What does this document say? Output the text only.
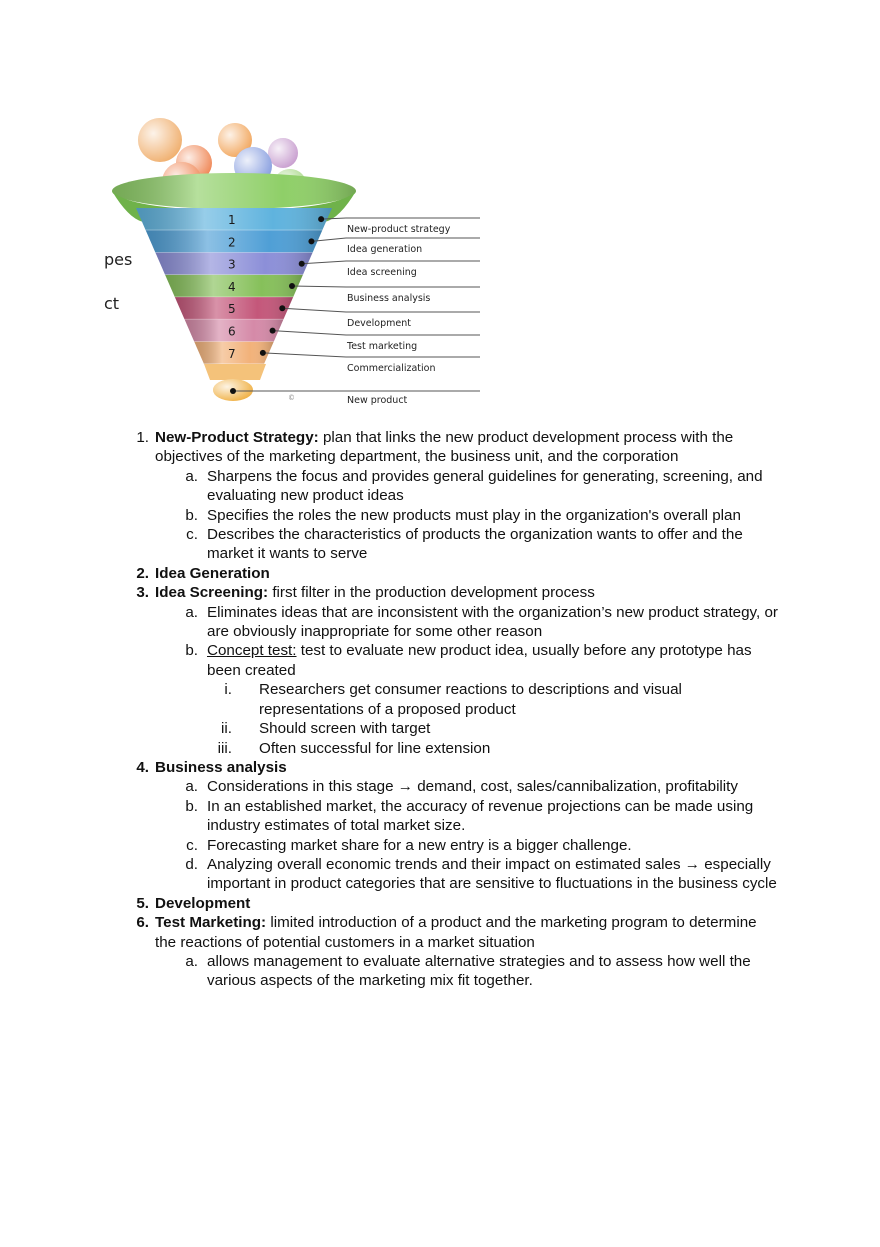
pes
ct
1
2
3
4
5
6
7
New-product strategy
Idea generation
Idea screening
Business analysis
Development
Test marketing
Commercialization
New product
©
1. New-Product Strategy: plan that links the new product development process with the objectives of the marketing department, the business unit, and the corporation
a. Sharpens the focus and provides general guidelines for generating, screening, and evaluating new product ideas
b. Specifies the roles the new products must play in the organization's overall plan
c. Describes the characteristics of products the organization wants to offer and the market it wants to serve
2. Idea Generation
3. Idea Screening: first filter in the production development process
a. Eliminates ideas that are inconsistent with the organization’s new product strategy, or are obviously inappropriate for some other reason
b. Concept test: test to evaluate new product idea, usually before any prototype has been created
i. Researchers get consumer reactions to descriptions and visual representations of a proposed product
ii. Should screen with target
iii. Often successful for line extension
4. Business analysis
a. Considerations in this stage → demand, cost, sales/cannibalization, profitability
b. In an established market, the accuracy of revenue projections can be made using industry estimates of total market size.
c. Forecasting market share for a new entry is a bigger challenge.
d. Analyzing overall economic trends and their impact on estimated sales → especially important in product categories that are sensitive to fluctuations in the business cycle
5. Development
6. Test Marketing: limited introduction of a product and the marketing program to determine the reactions of potential customers in a market situation
a. allows management to evaluate alternative strategies and to assess how well the various aspects of the marketing mix fit together.
